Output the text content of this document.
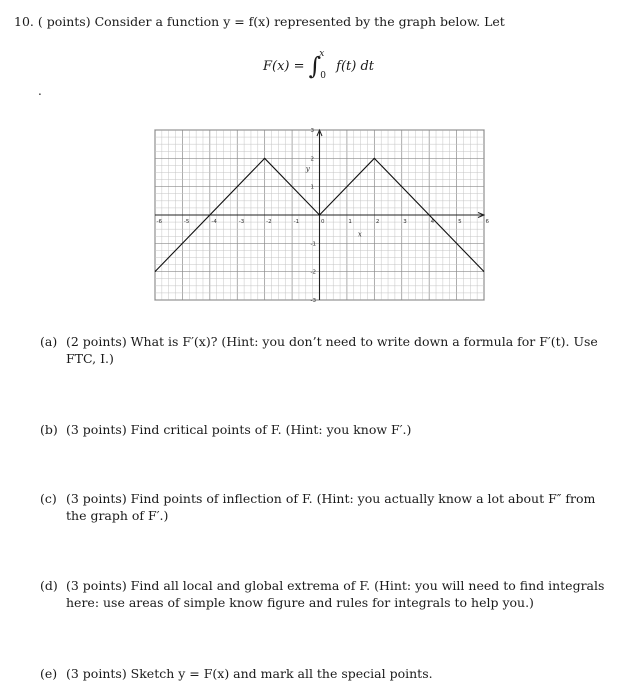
10. ( points) Consider a function y = f(x) represented by the graph below. Let
F(x) = ∫$^x_0$ f(t) dt
.
-6	-5	-4	-3	-2	-1	0	1	2	3	4	5	6
3
2
1
-1
-2
-3
x
y
(a) (2 points) What is F′(x)? (Hint: you don’t need to write down a formula for F′(t). Use
FTC, I.)
(b) (3 points) Find critical points of F. (Hint: you know F′.)
(c) (3 points) Find points of inflection of F. (Hint: you actually know a lot about F″ from
the graph of F′.)
(d) (3 points) Find all local and global extrema of F. (Hint: you will need to find integrals
here: use areas of simple know figure and rules for integrals to help you.)
(e) (3 points) Sketch y = F(x) and mark all the special points.
